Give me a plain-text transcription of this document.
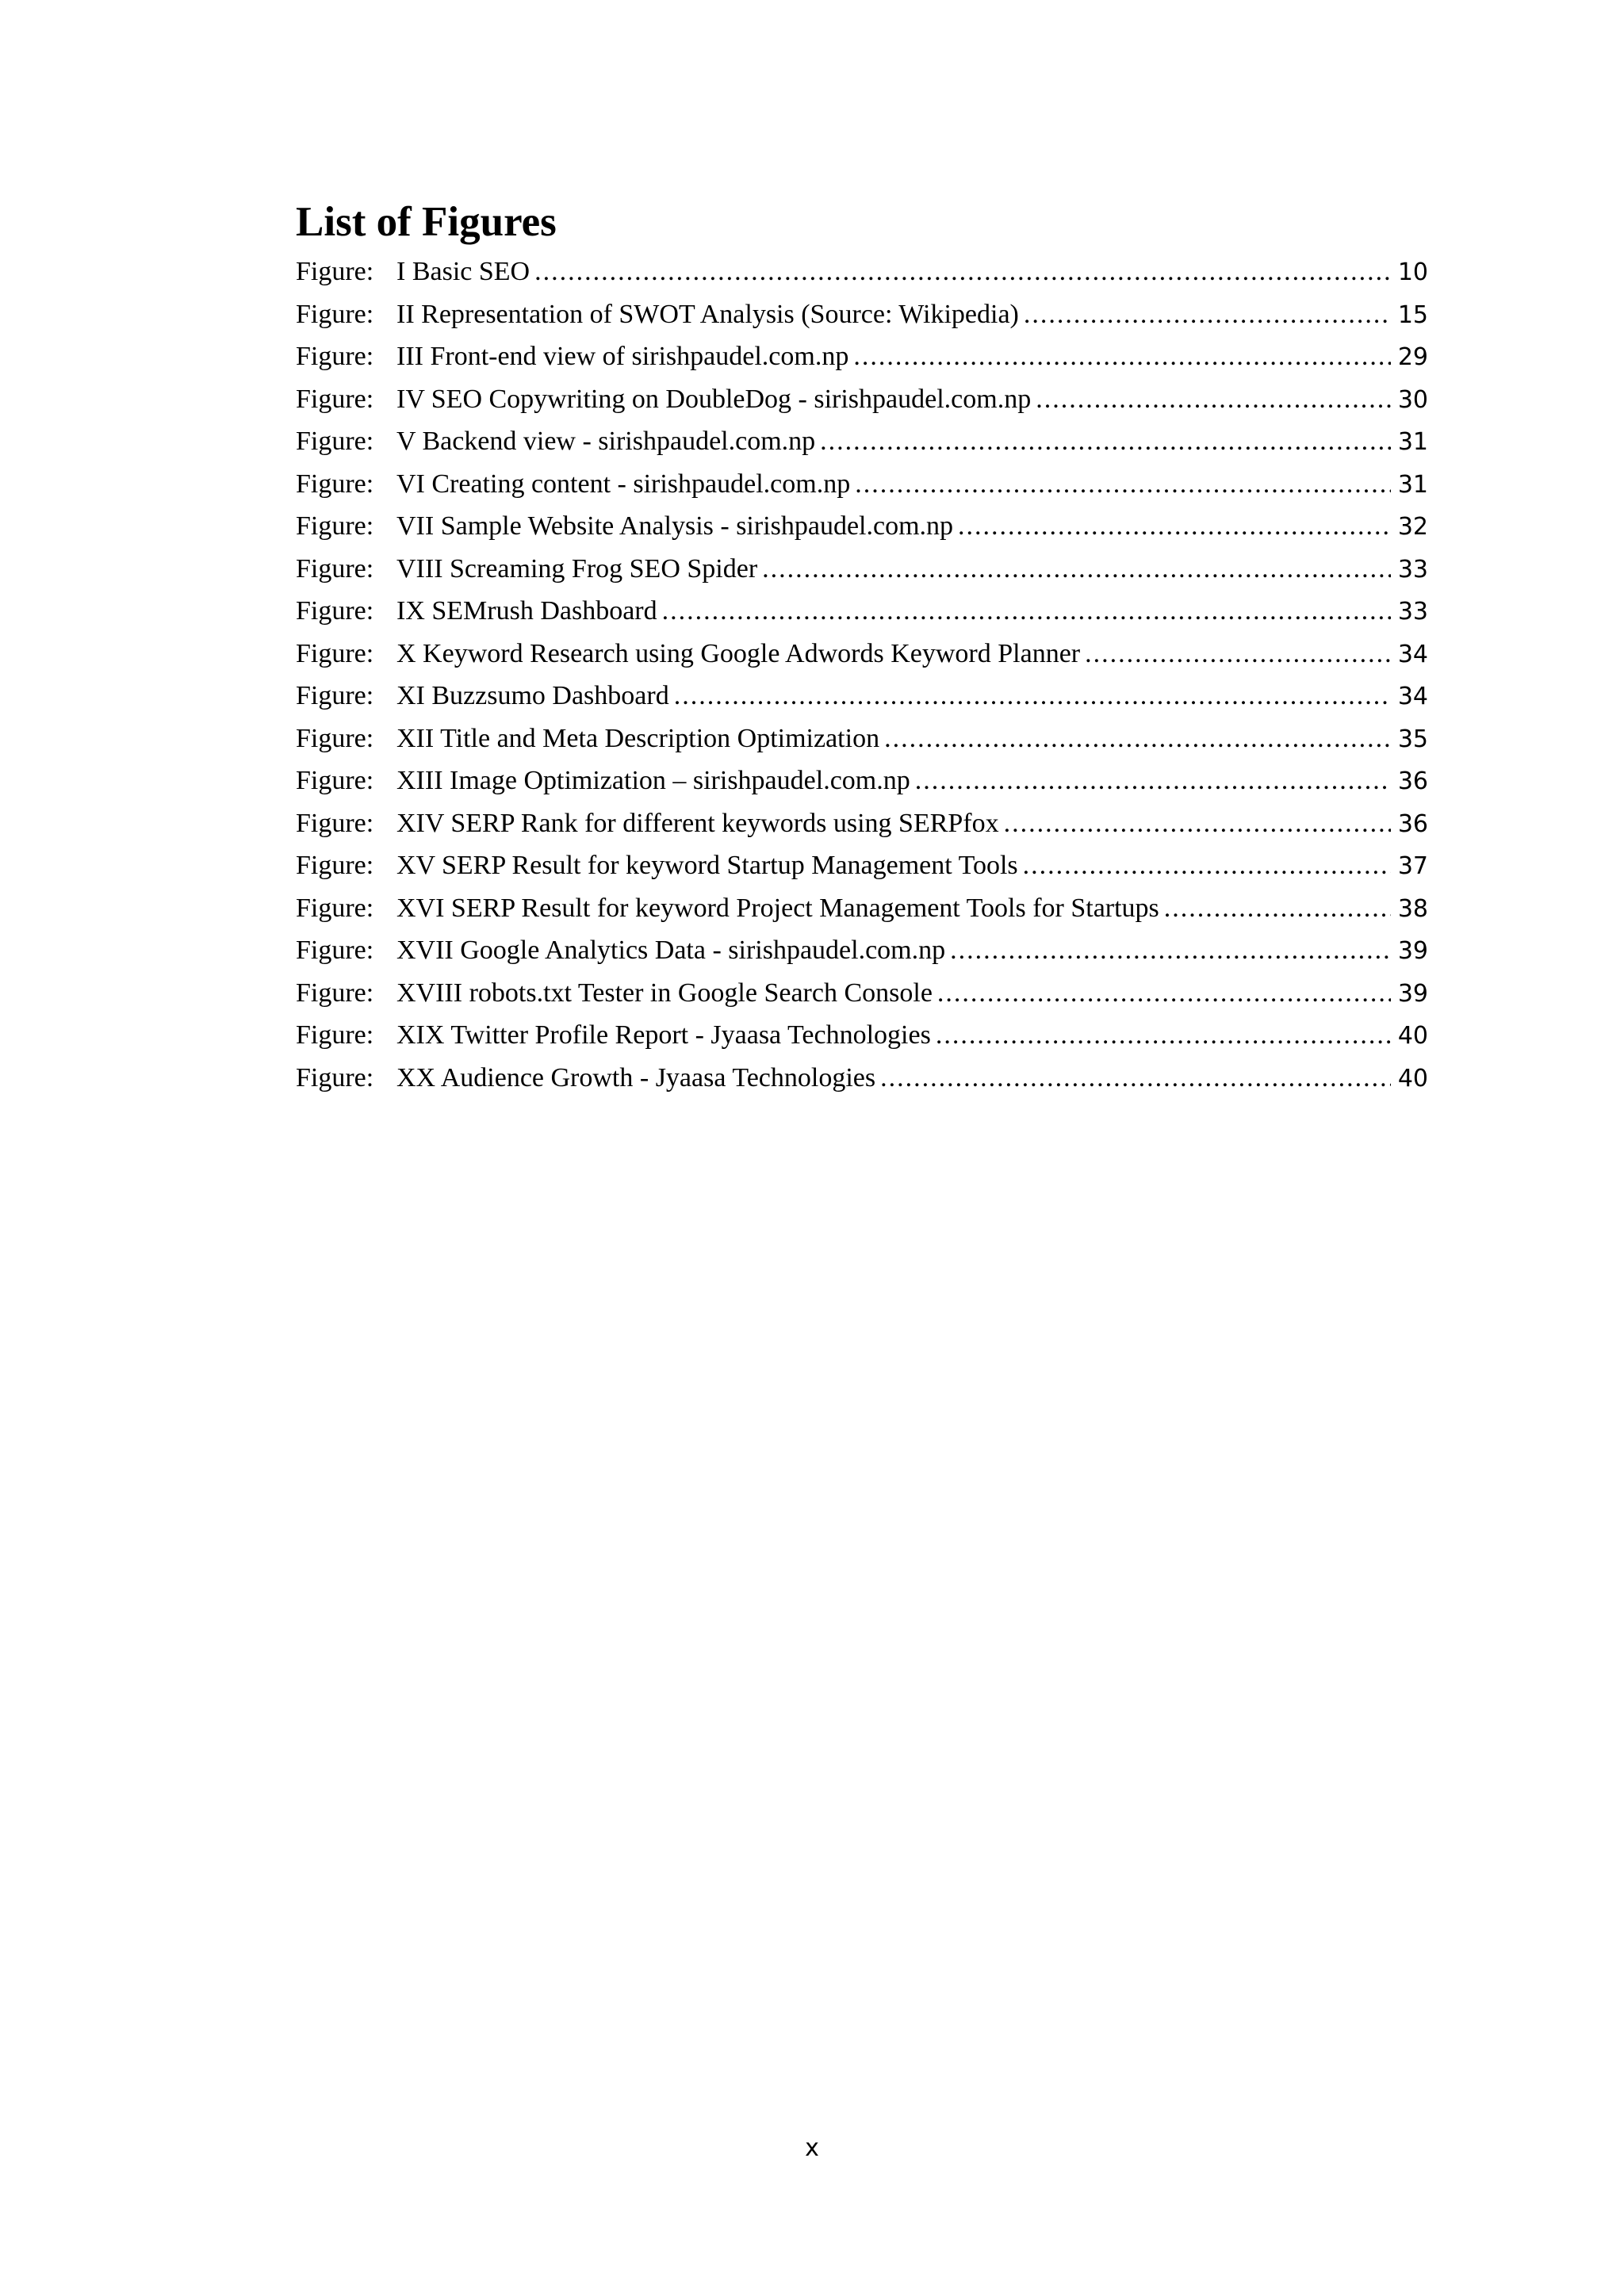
List of Figures
Figure: I Basic SEO .....	10
Figure: II Representation of SWOT Analysis (Source: Wikipedia) .....	15
Figure: III Front-end view of sirishpaudel.com.np .....	29
Figure: IV SEO Copywriting on DoubleDog - sirishpaudel.com.np .....	30
Figure: V Backend view - sirishpaudel.com.np .....	31
Figure: VI Creating content - sirishpaudel.com.np .....	31
Figure: VII Sample Website Analysis - sirishpaudel.com.np .....	32
Figure: VIII Screaming Frog SEO Spider .....	33
Figure: IX SEMrush Dashboard .....	33
Figure: X Keyword Research using Google Adwords Keyword Planner .....	34
Figure: XI Buzzsumo Dashboard .....	34
Figure: XII Title and Meta Description Optimization .....	35
Figure: XIII Image Optimization – sirishpaudel.com.np .....	36
Figure: XIV SERP Rank for different keywords using SERPfox .....	36
Figure: XV SERP Result for keyword Startup Management Tools .....	37
Figure: XVI SERP Result for keyword Project Management Tools for Startups .....	38
Figure: XVII Google Analytics Data - sirishpaudel.com.np .....	39
Figure: XVIII robots.txt Tester in Google Search Console .....	39
Figure: XIX Twitter Profile Report - Jyaasa Technologies .....	40
Figure: XX Audience Growth - Jyaasa Technologies .....	40
x
